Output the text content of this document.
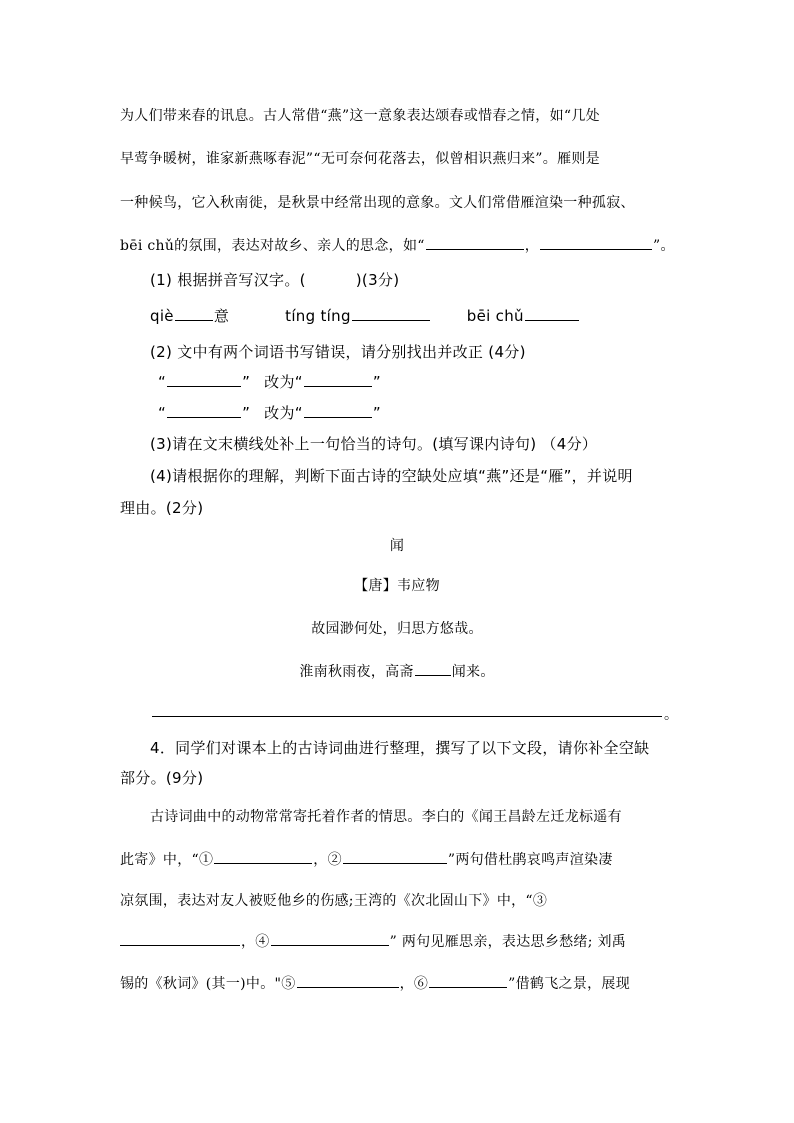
为人们带来春的讯息。古人常借“燕”这一意象表达颂春或惜春之情，如“几处
早莺争暖树，谁家新燕啄春泥”“无可奈何花落去，似曾相识燕归来”。雁则是
一种候鸟，它入秋南徙，是秋景中经常出现的意象。文人们常借雁渲染一种孤寂、
bēi chǔ的氛围，表达对故乡、亲人的思念，如“	，	”。
(1) 根据拼音写汉字。(	)(3分)
qiè	意	tíng tíng	bēi chǔ
(2) 文中有两个词语书写错误，请分别找出并改正 (4分)
“	” 改为“	”
“	” 改为“	”
(3)请在文末横线处补上一句恰当的诗句。(填写课内诗句) （4分）
(4)请根据你的理解，判断下面古诗的空缺处应填“燕”还是“雁”，并说明
理由。(2分)
闻
【唐】韦应物
故园渺何处，归思方悠哉。
淮南秋雨夜，高斋	闻来。
。
4．同学们对课本上的古诗词曲进行整理，撰写了以下文段，请你补全空缺
部分。(9分)
古诗词曲中的动物常常寄托着作者的情思。李白的《闻王昌龄左迁龙标遥有
此寄》中，“①	，②	”两句借杜鹃哀鸣声渲染凄
凉氛围，表达对友人被贬他乡的伤感;王湾的《次北固山下》中，“③
，④	” 两句见雁思亲，表达思乡愁绪; 刘禹
锡的《秋词》(其一)中。"⑤	，⑥	”借鹤飞之景，展现
